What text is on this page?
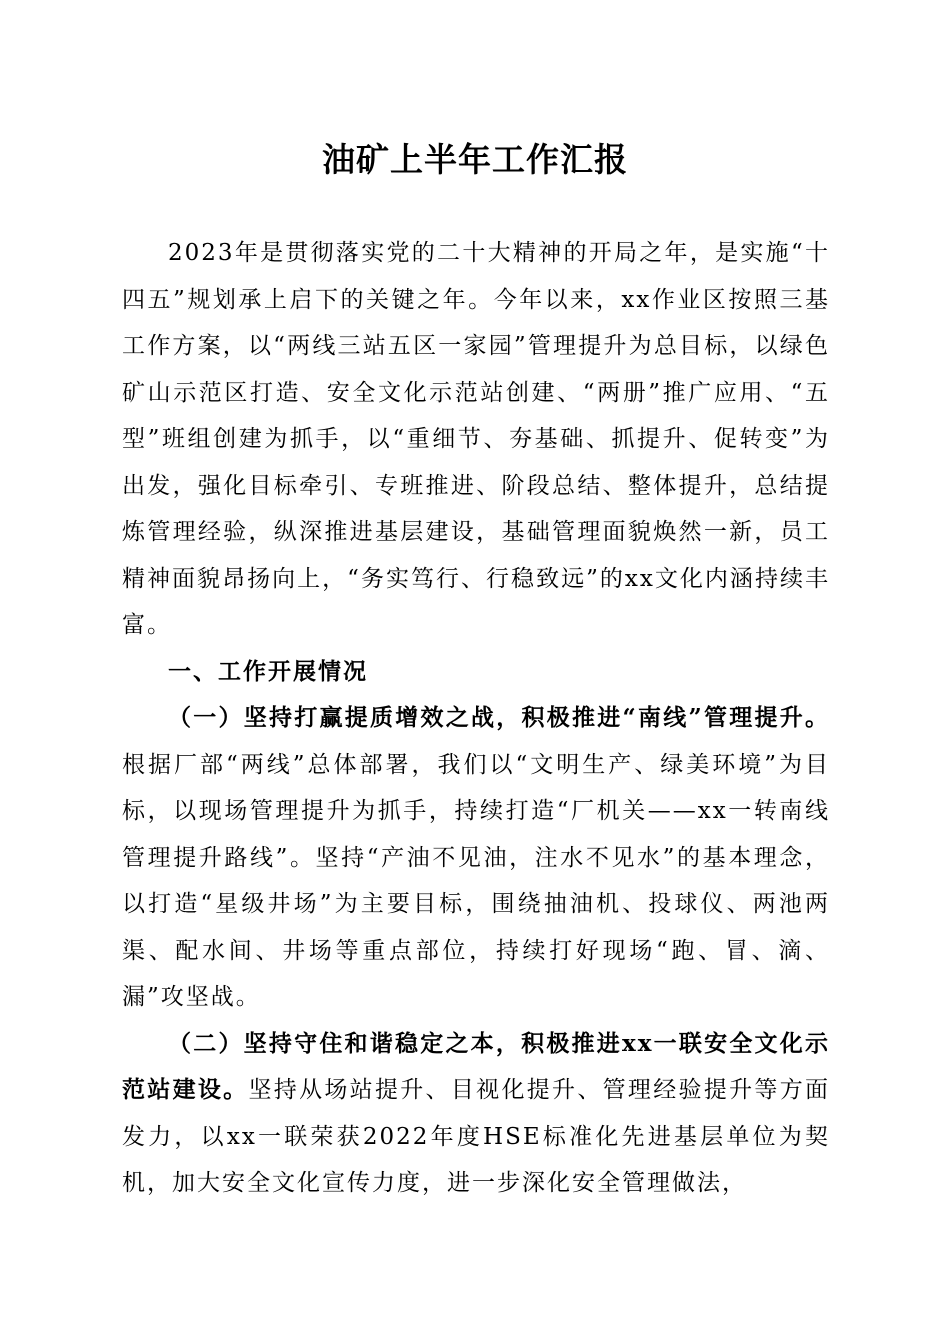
油矿上半年工作汇报

2023年是贯彻落实党的二十大精神的开局之年，是实施“十四五”规划承上启下的关键之年。今年以来，xx作业区按照三基工作方案，以“两线三站五区一家园”管理提升为总目标，以绿色矿山示范区打造、安全文化示范站创建、“两册”推广应用、“五型”班组创建为抓手，以“重细节、夯基础、抓提升、促转变”为出发，强化目标牵引、专班推进、阶段总结、整体提升，总结提炼管理经验，纵深推进基层建设，基础管理面貌焕然一新，员工精神面貌昂扬向上，“务实笃行、行稳致远”的xx文化内涵持续丰富。

一、工作开展情况

（一）坚持打赢提质增效之战，积极推进“南线”管理提升。根据厂部“两线”总体部署，我们以“文明生产、绿美环境”为目标，以现场管理提升为抓手，持续打造“厂机关——xx一转南线管理提升路线”。坚持“产油不见油，注水不见水”的基本理念，以打造“星级井场”为主要目标，围绕抽油机、投球仪、两池两渠、配水间、井场等重点部位，持续打好现场“跑、冒、滴、漏”攻坚战。

（二）坚持守住和谐稳定之本，积极推进xx一联安全文化示范站建设。坚持从场站提升、目视化提升、管理经验提升等方面发力，以xx一联荣获2022年度HSE标准化先进基层单位为契机，加大安全文化宣传力度，进一步深化安全管理做法，
